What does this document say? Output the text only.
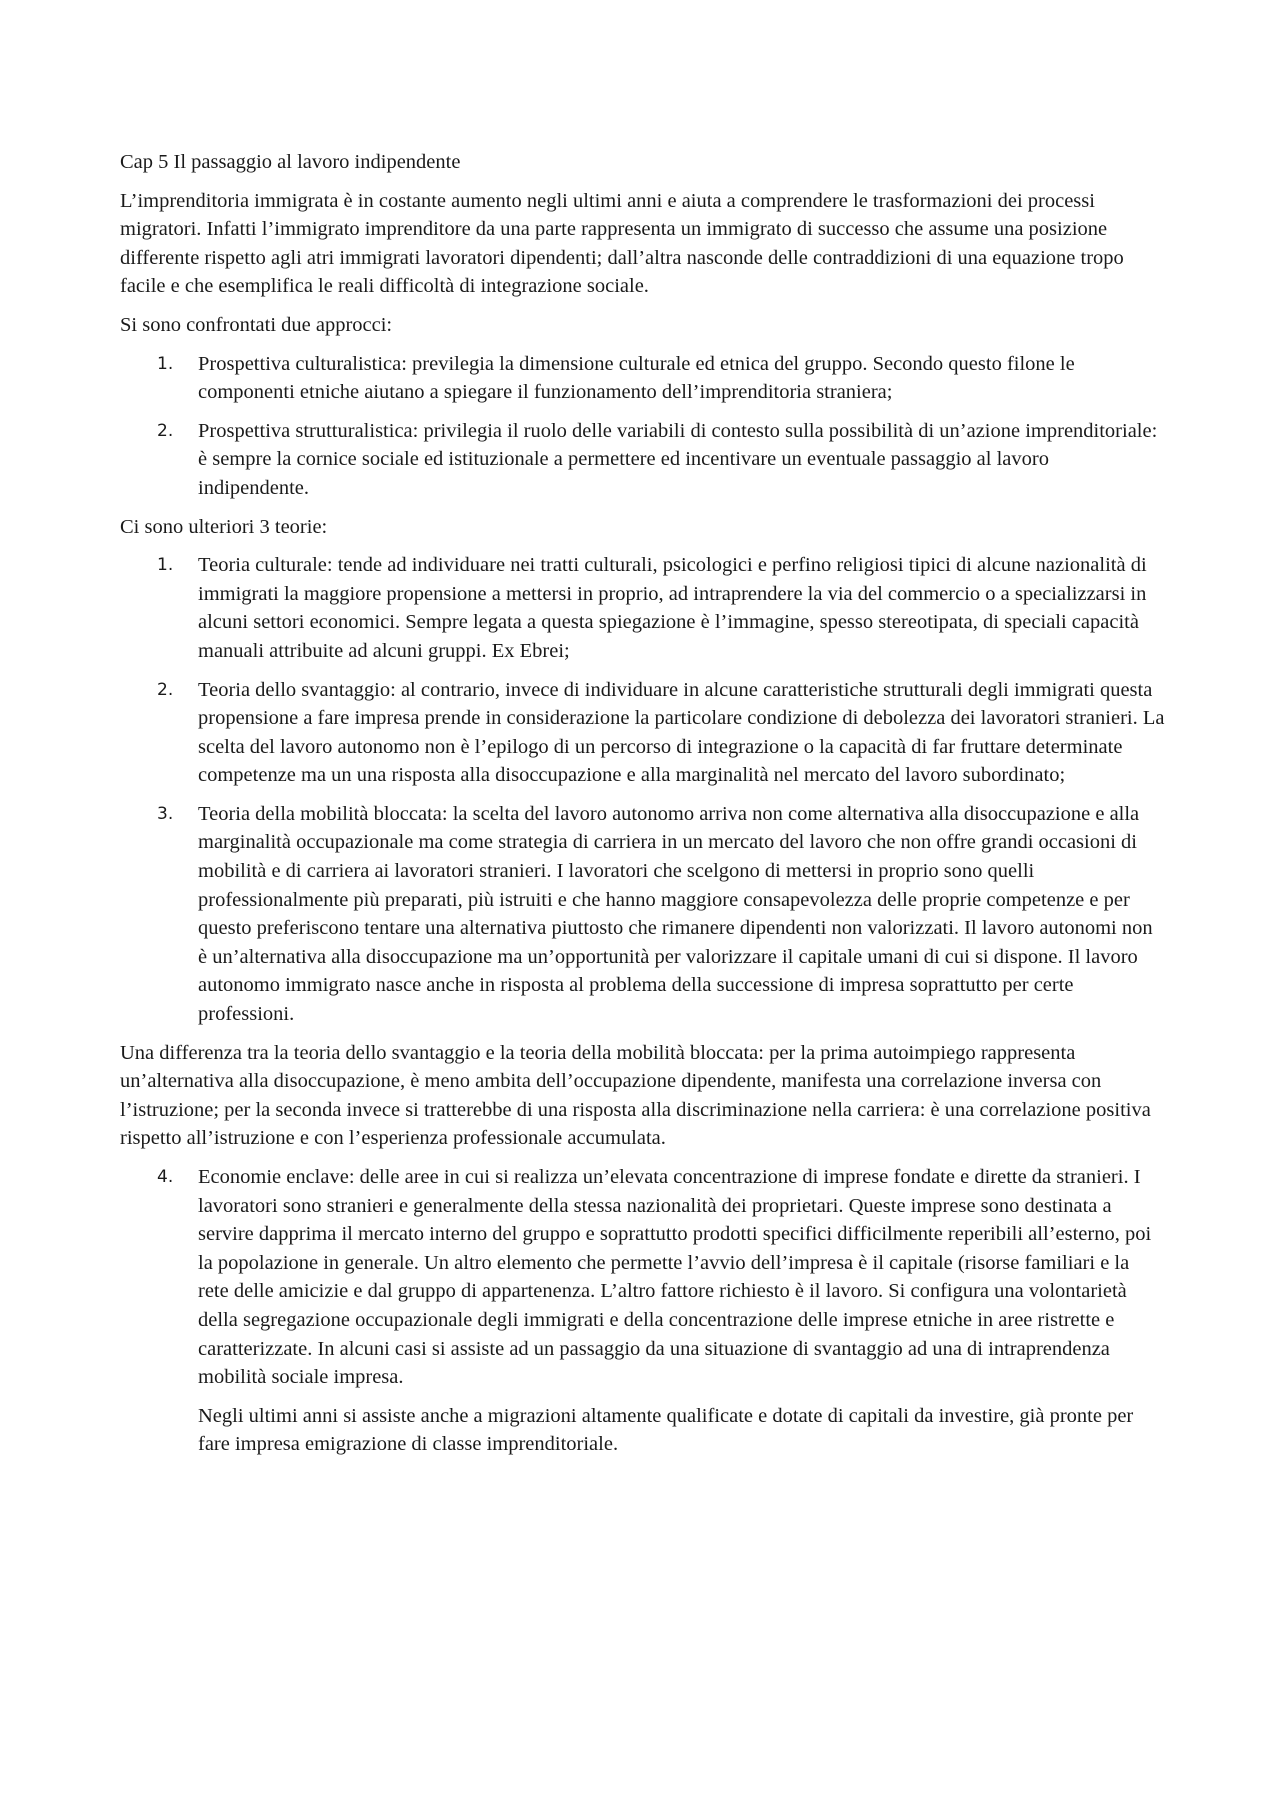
Cap 5 Il passaggio al lavoro indipendente

L’imprenditoria immigrata è in costante aumento negli ultimi anni e aiuta a comprendere le trasformazioni dei processi migratori. Infatti l’immigrato imprenditore da una parte rappresenta un immigrato di successo che assume una posizione differente rispetto agli atri immigrati lavoratori dipendenti; dall’altra nasconde delle contraddizioni di una equazione tropo facile e che esemplifica le reali difficoltà di integrazione sociale.

Si sono confrontati due approcci:

1. Prospettiva culturalistica: previlegia la dimensione culturale ed etnica del gruppo. Secondo questo filone le componenti etniche aiutano a spiegare il funzionamento dell’imprenditoria straniera;
2. Prospettiva strutturalistica: privilegia il ruolo delle variabili di contesto sulla possibilità di un’azione imprenditoriale: è sempre la cornice sociale ed istituzionale a permettere ed incentivare un eventuale passaggio al lavoro indipendente.

Ci sono ulteriori 3 teorie:

1. Teoria culturale: tende ad individuare nei tratti culturali, psicologici e perfino religiosi tipici di alcune nazionalità di immigrati la maggiore propensione a mettersi in proprio, ad intraprendere la via del commercio o a specializzarsi in alcuni settori economici. Sempre legata a questa spiegazione è l’immagine, spesso stereotipata, di speciali capacità manuali attribuite ad alcuni gruppi. Ex Ebrei;
2. Teoria dello svantaggio: al contrario, invece di individuare in alcune caratteristiche strutturali degli immigrati questa propensione a fare impresa prende in considerazione la particolare condizione di debolezza dei lavoratori stranieri. La scelta del lavoro autonomo non è l’epilogo di un percorso di integrazione o la capacità di far fruttare determinate competenze ma un una risposta alla disoccupazione e alla marginalità nel mercato del lavoro subordinato;
3. Teoria della mobilità bloccata: la scelta del lavoro autonomo arriva non come alternativa alla disoccupazione e alla marginalità occupazionale ma come strategia di carriera in un mercato del lavoro che non offre grandi occasioni di mobilità e di carriera ai lavoratori stranieri. I lavoratori che scelgono di mettersi in proprio sono quelli professionalmente più preparati, più istruiti e che hanno maggiore consapevolezza delle proprie competenze e per questo preferiscono tentare una alternativa piuttosto che rimanere dipendenti non valorizzati. Il lavoro autonomi non è un’alternativa alla disoccupazione ma un’opportunità per valorizzare il capitale umani di cui si dispone. Il lavoro autonomo immigrato nasce anche in risposta al problema della successione di impresa soprattutto per certe professioni.

Una differenza tra la teoria dello svantaggio e la teoria della mobilità bloccata: per la prima autoimpiego rappresenta un’alternativa alla disoccupazione, è meno ambita dell’occupazione dipendente, manifesta una correlazione inversa con l’istruzione; per la seconda invece si tratterebbe di una risposta alla discriminazione nella carriera: è una correlazione positiva rispetto all’istruzione e con l’esperienza professionale accumulata.

4. Economie enclave: delle aree in cui si realizza un’elevata concentrazione di imprese fondate e dirette da stranieri. I lavoratori sono stranieri e generalmente della stessa nazionalità dei proprietari. Queste imprese sono destinata a servire dapprima il mercato interno del gruppo e soprattutto prodotti specifici difficilmente reperibili all’esterno, poi la popolazione in generale. Un altro elemento che permette l’avvio dell’impresa è il capitale (risorse familiari e la rete delle amicizie e dal gruppo di appartenenza. L’altro fattore richiesto è il lavoro. Si configura una volontarietà della segregazione occupazionale degli immigrati e della concentrazione delle imprese etniche in aree ristrette e caratterizzate. In alcuni casi si assiste ad un passaggio da una situazione di svantaggio ad una di intraprendenza mobilità sociale impresa.

Negli ultimi anni si assiste anche a migrazioni altamente qualificate e dotate di capitali da investire, già pronte per fare impresa emigrazione di classe imprenditoriale.
